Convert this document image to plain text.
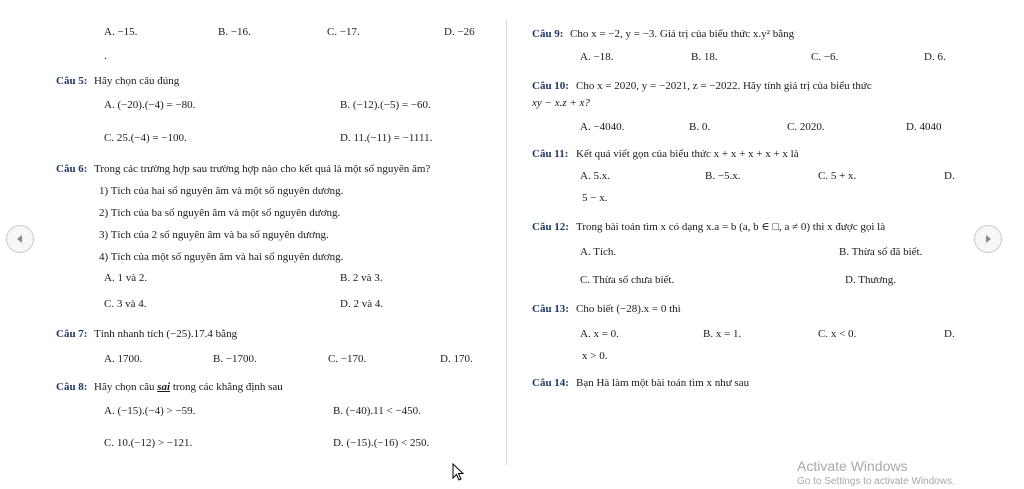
A. −15.	B. −16.	C. −17.	D. −26
.
Câu 5: Hãy chọn câu đúng
A. (−20).(−4) = −80.	B. (−12).(−5) = −60.
C. 25.(−4) = −100.	D. 11.(−11) = −1111.
Câu 6: Trong các trường hợp sau trường hợp nào cho kết quả là một số nguyên âm?
1) Tích của hai số nguyên âm và một số nguyên dương.
2) Tích của ba số nguyên âm và một số nguyên dương.
3) Tích của 2 số nguyên âm và ba số nguyên dương.
4) Tích của một số nguyên âm và hai số nguyên dương.
A. 1 và 2.	B. 2 và 3.
C. 3 và 4.	D. 2 và 4.
Câu 7: Tính nhanh tích (−25).17.4 bằng
A. 1700.	B. −1700.	C. −170.	D. 170.
Câu 8: Hãy chọn câu sai trong các khẳng định sau
A. (−15).(−4) > −59.	B. (−40).11 < −450.
C. 10.(−12) > −121.	D. (−15).(−16) < 250.
Câu 9: Cho x = −2, y = −3. Giá trị của biểu thức x.y² bằng
A. −18.	B. 18.	C. −6.	D. 6.
Câu 10: Cho x = 2020, y = −2021, z = −2022. Hãy tính giá trị của biểu thức
xy − x.z + x?
A. −4040.	B. 0.	C. 2020.	D. 4040
Câu 11: Kết quả viết gọn của biểu thức x + x + x + x + x là
A. 5.x.	B. −5.x.	C. 5 + x.	D.
5 − x.
Câu 12: Trong bài toán tìm x có dạng x.a = b (a, b ∈ □, a ≠ 0) thì x được gọi là
A. Tích.	B. Thừa số đã biết.
C. Thừa số chưa biết.	D. Thương.
Câu 13: Cho biết (−28).x = 0 thì
A. x = 0.	B. x = 1.	C. x < 0.	D.
x > 0.
Câu 14: Bạn Hà làm một bài toán tìm x như sau
Activate Windows
Go to Settings to activate Windows.
